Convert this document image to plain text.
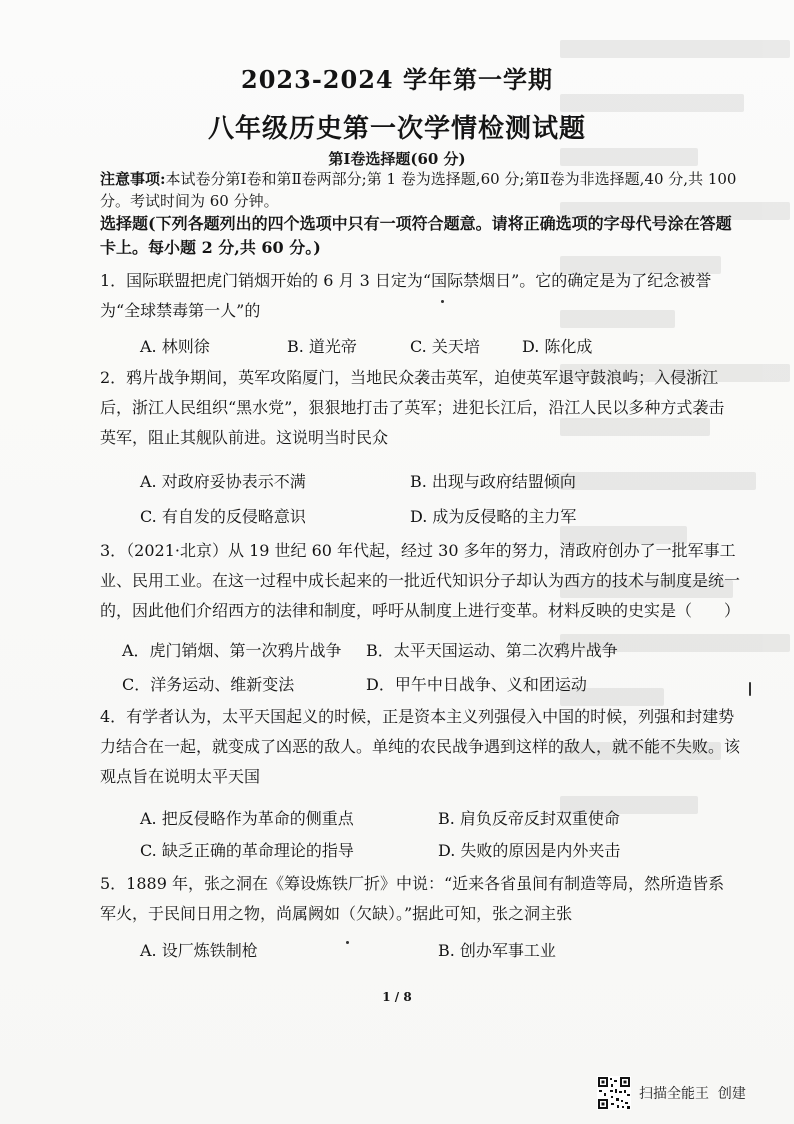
2023-2024 学年第一学期
八年级历史第一次学情检测试题
第Ⅰ卷选择题(60 分)
注意事项:本试卷分第Ⅰ卷和第Ⅱ卷两部分;第 1 卷为选择题,60 分;第Ⅱ卷为非选择题,40 分,共 100 分。考试时间为 60 分钟。
选择题(下列各题列出的四个选项中只有一项符合题意。请将正确选项的字母代号涂在答题卡上。每小题 2 分,共 60 分。)
1．国际联盟把虎门销烟开始的 6 月 3 日定为“国际禁烟日”。它的确定是为了纪念被誉为“全球禁毒第一人”的
A. 林则徐	B. 道光帝	C. 关天培	D. 陈化成
2．鸦片战争期间，英军攻陷厦门，当地民众袭击英军，迫使英军退守鼓浪屿；入侵浙江后，浙江人民组织“黑水党”，狠狠地打击了英军；进犯长江后，沿江人民以多种方式袭击英军，阻止其舰队前进。这说明当时民众
A. 对政府妥协表示不满	B. 出现与政府结盟倾向
C. 有自发的反侵略意识	D. 成为反侵略的主力军
3．（2021·北京）从 19 世纪 60 年代起，经过 30 多年的努力，清政府创办了一批军事工业、民用工业。在这一过程中成长起来的一批近代知识分子却认为西方的技术与制度是统一的，因此他们介绍西方的法律和制度，呼吁从制度上进行变革。材料反映的史实是（　　）
A．虎门销烟、第一次鸦片战争 B．太平天国运动、第二次鸦片战争
C．洋务运动、维新变法	D．甲午中日战争、义和团运动
4．有学者认为，太平天国起义的时候，正是资本主义列强侵入中国的时候，列强和封建势力结合在一起，就变成了凶恶的敌人。单纯的农民战争遇到这样的敌人，就不能不失败。该观点旨在说明太平天国
A. 把反侵略作为革命的侧重点	B. 肩负反帝反封双重使命
C. 缺乏正确的革命理论的指导	D. 失败的原因是内外夹击
5．1889 年，张之洞在《筹设炼铁厂折》中说：“近来各省虽间有制造等局，然所造皆系军火，于民间日用之物，尚属阙如（欠缺）。”据此可知，张之洞主张
A. 设厂炼铁制枪	B. 创办军事工业
1 / 8
扫描全能王 创建
